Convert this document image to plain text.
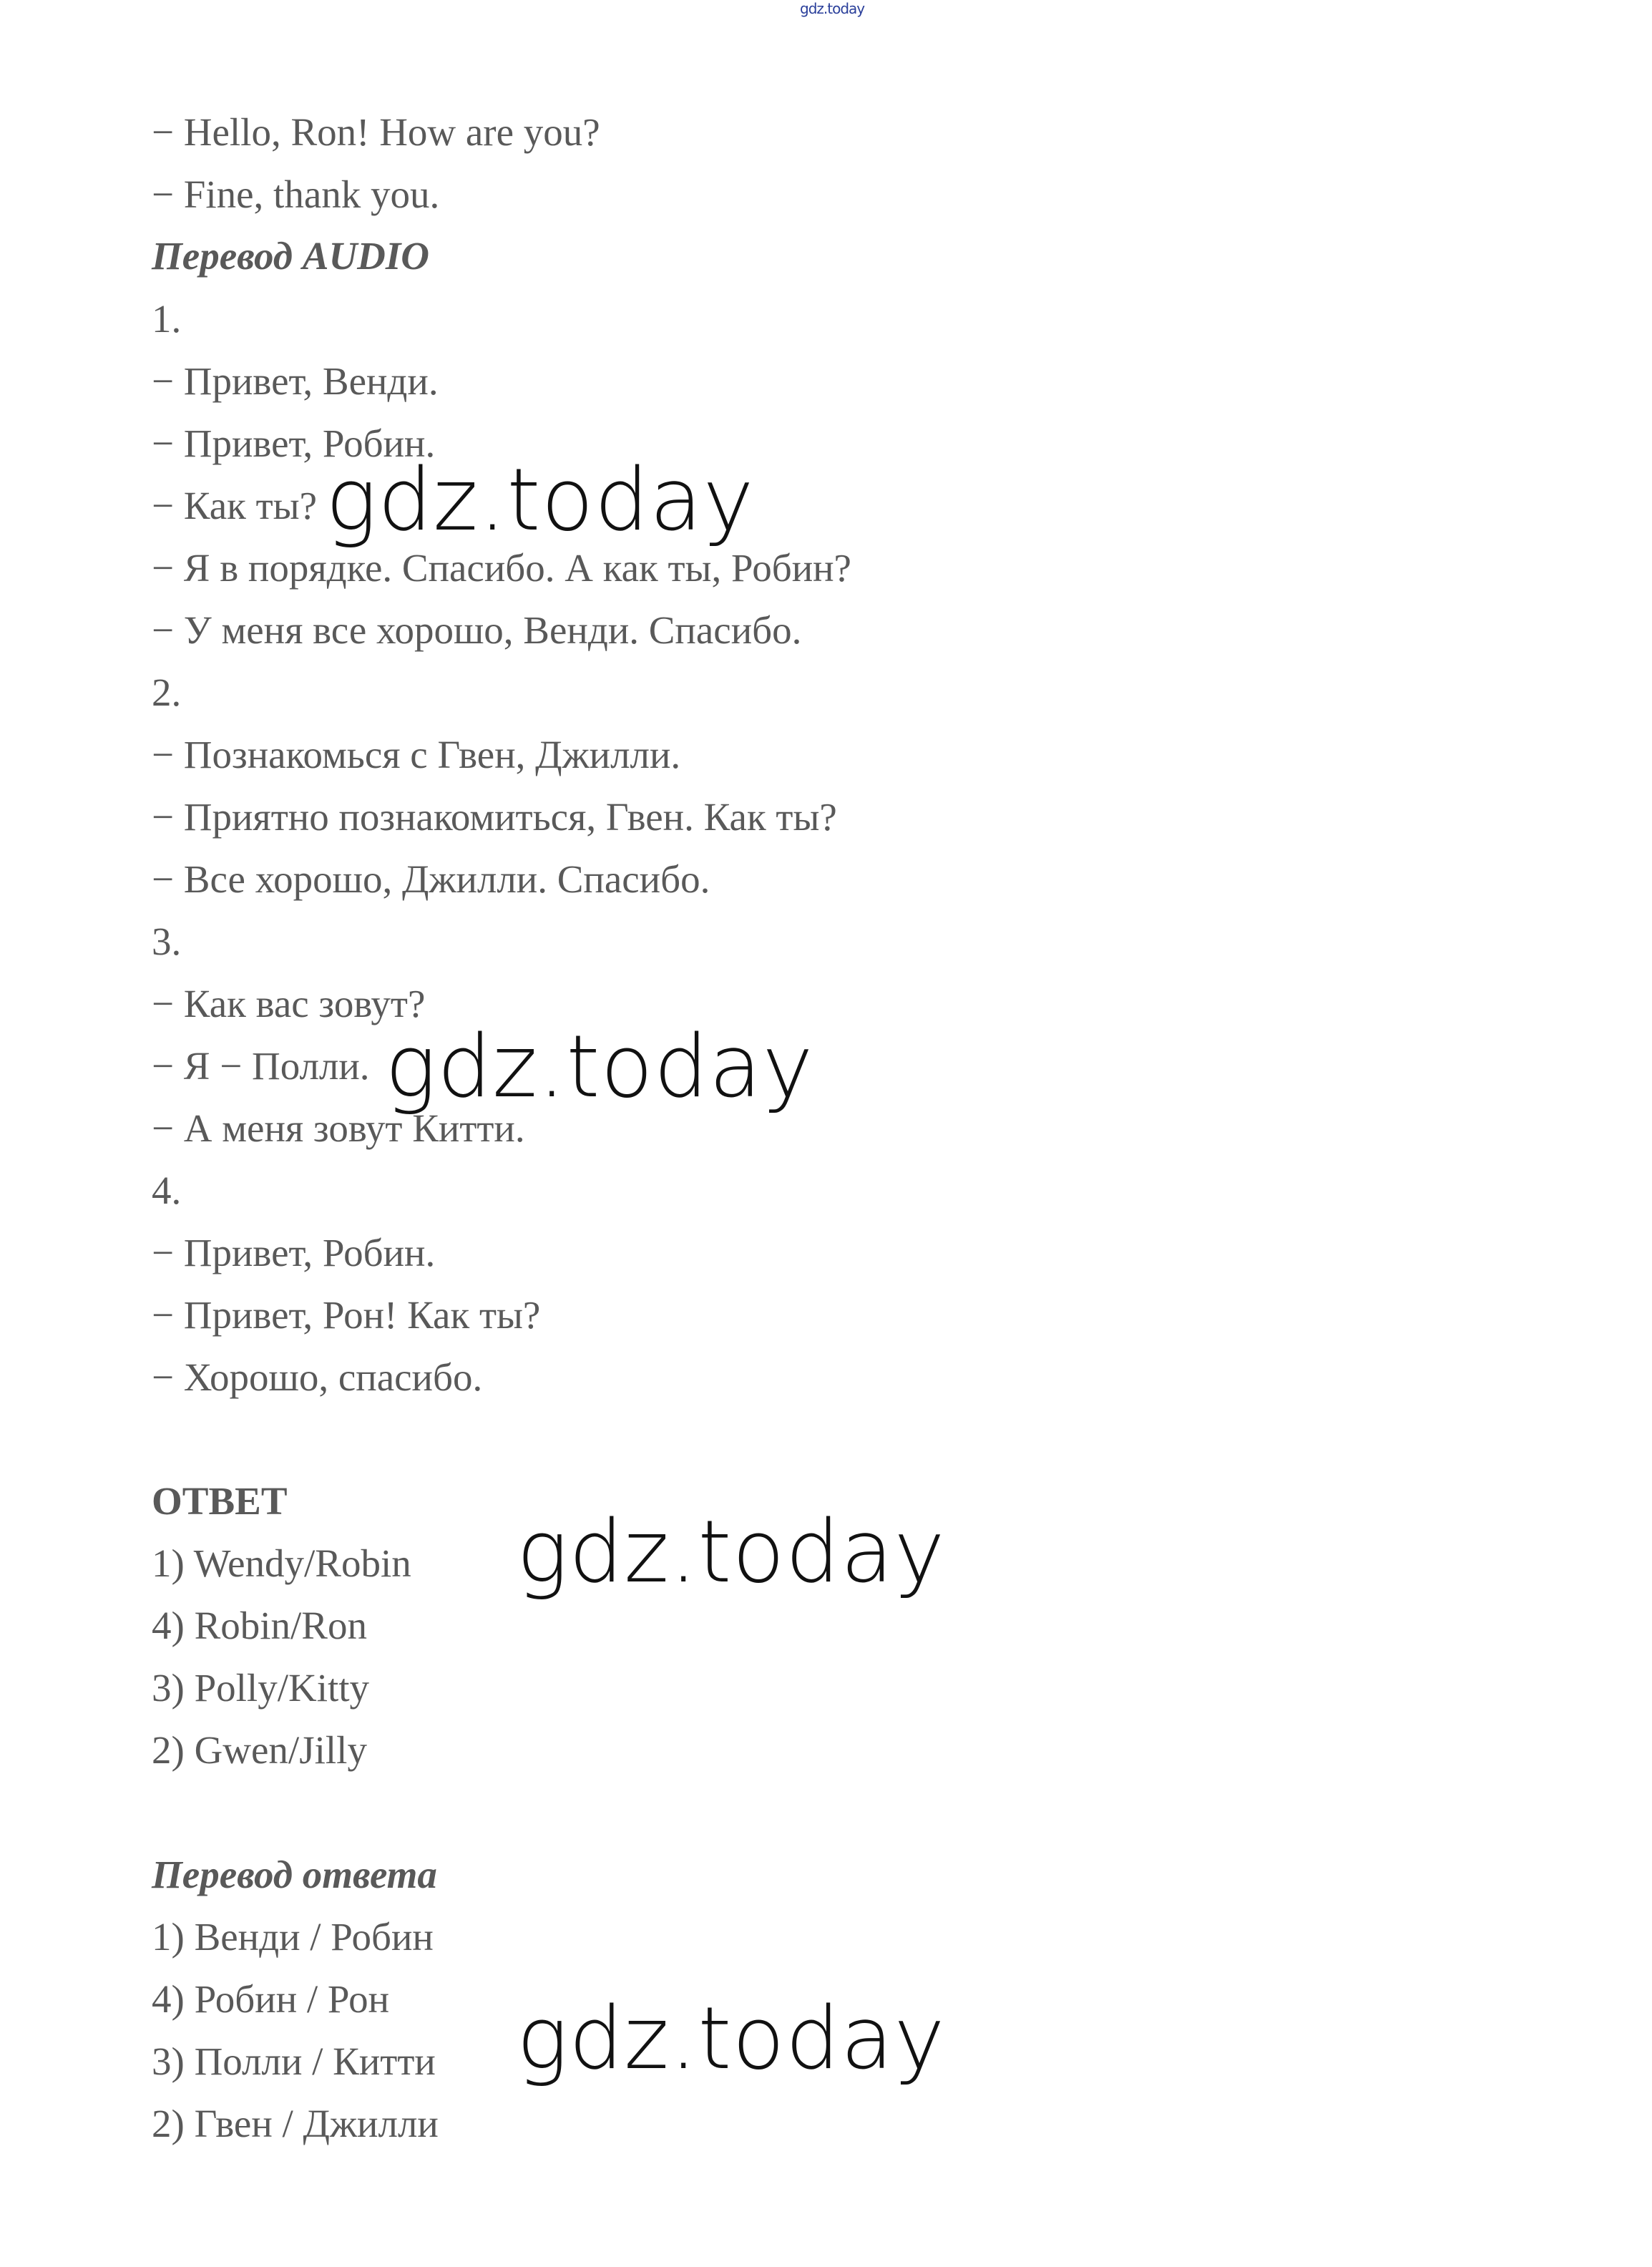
gdz.today
− Hello, Ron! How are you?
− Fine, thank you.
Перевод AUDIO
1.
− Привет, Венди.
− Привет, Робин.
− Как ты?
− Я в порядке. Спасибо. А как ты, Робин?
− У меня все хорошо, Венди. Спасибо.
2.
− Познакомься с Гвен, Джилли.
− Приятно познакомиться, Гвен. Как ты?
− Все хорошо, Джилли. Спасибо.
3.
− Как вас зовут?
− Я − Полли.
− А меня зовут Китти.
4.
− Привет, Робин.
− Привет, Рон! Как ты?
− Хорошо, спасибо.
ОТВЕТ
1) Wendy/Robin
4) Robin/Ron
3) Polly/Kitty
2) Gwen/Jilly
Перевод ответа
1) Венди / Робин
4) Робин / Рон
3) Полли / Китти
2) Гвен / Джилли
gdz.today
gdz.today
gdz.today
gdz.today
